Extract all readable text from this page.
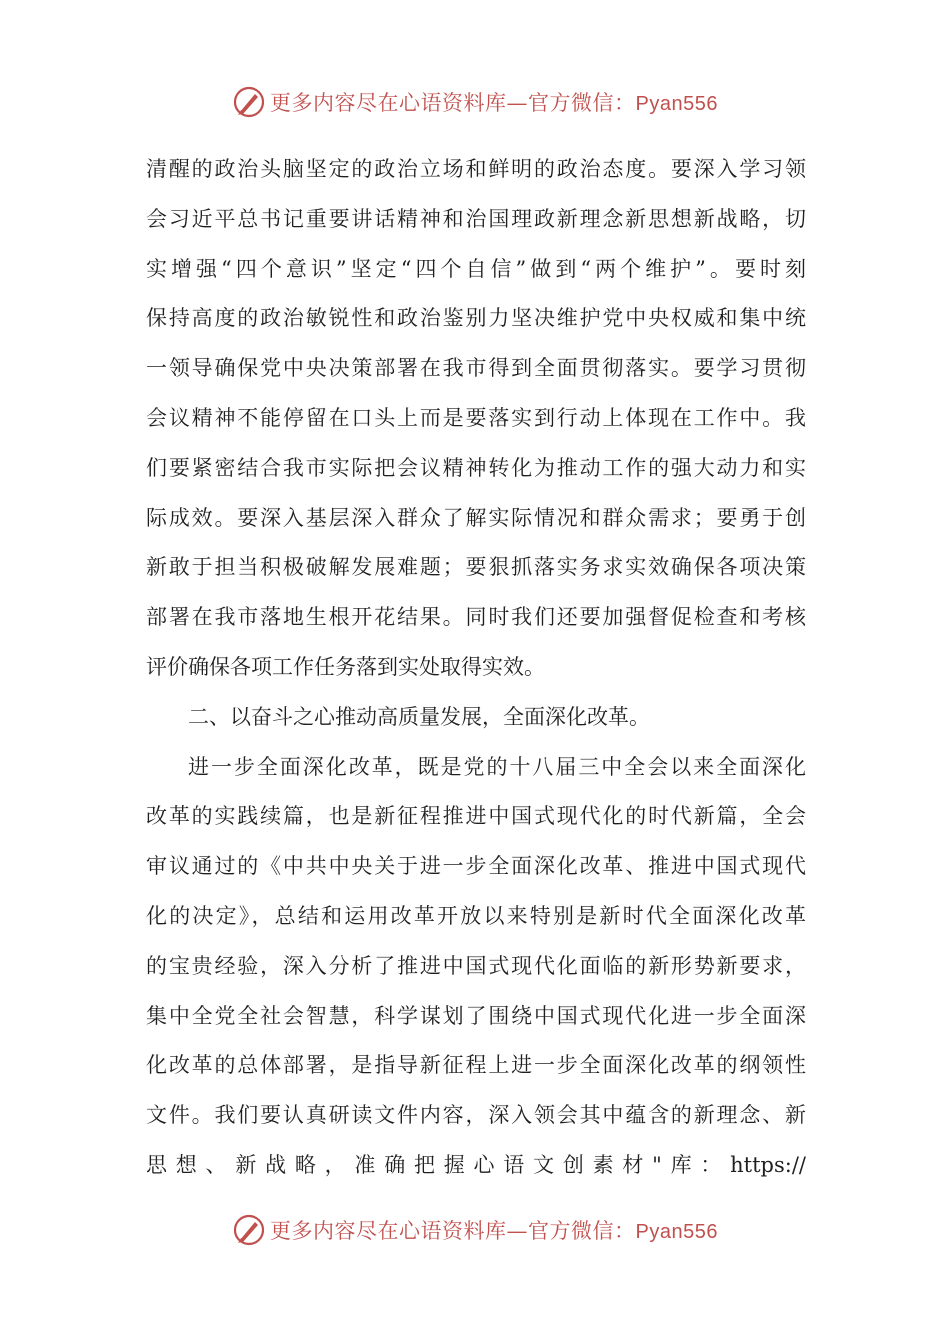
更多内容尽在心语资料库—官方微信：Pyan556
清醒的政治头脑坚定的政治立场和鲜明的政治态度。要深入学习领
会习近平总书记重要讲话精神和治国理政新理念新思想新战略，切
实增强“四个意识”坚定“四个自信”做到“两个维护”。要时刻
保持高度的政治敏锐性和政治鉴别力坚决维护党中央权威和集中统
一领导确保党中央决策部署在我市得到全面贯彻落实。要学习贯彻
会议精神不能停留在口头上而是要落实到行动上体现在工作中。我
们要紧密结合我市实际把会议精神转化为推动工作的强大动力和实
际成效。要深入基层深入群众了解实际情况和群众需求；要勇于创
新敢于担当积极破解发展难题；要狠抓落实务求实效确保各项决策
部署在我市落地生根开花结果。同时我们还要加强督促检查和考核
评价确保各项工作任务落到实处取得实效。
二、以奋斗之心推动高质量发展，全面深化改革。
进一步全面深化改革，既是党的十八届三中全会以来全面深化
改革的实践续篇，也是新征程推进中国式现代化的时代新篇，全会
审议通过的《中共中央关于进一步全面深化改革、推进中国式现代
化的决定》，总结和运用改革开放以来特别是新时代全面深化改革
的宝贵经验，深入分析了推进中国式现代化面临的新形势新要求，
集中全党全社会智慧，科学谋划了围绕中国式现代化进一步全面深
化改革的总体部署，是指导新征程上进一步全面深化改革的纲领性
文件。我们要认真研读文件内容，深入领会其中蕴含的新理念、新
思想、新战略，准确把握心语文创素材"库：https://
更多内容尽在心语资料库—官方微信：Pyan556
